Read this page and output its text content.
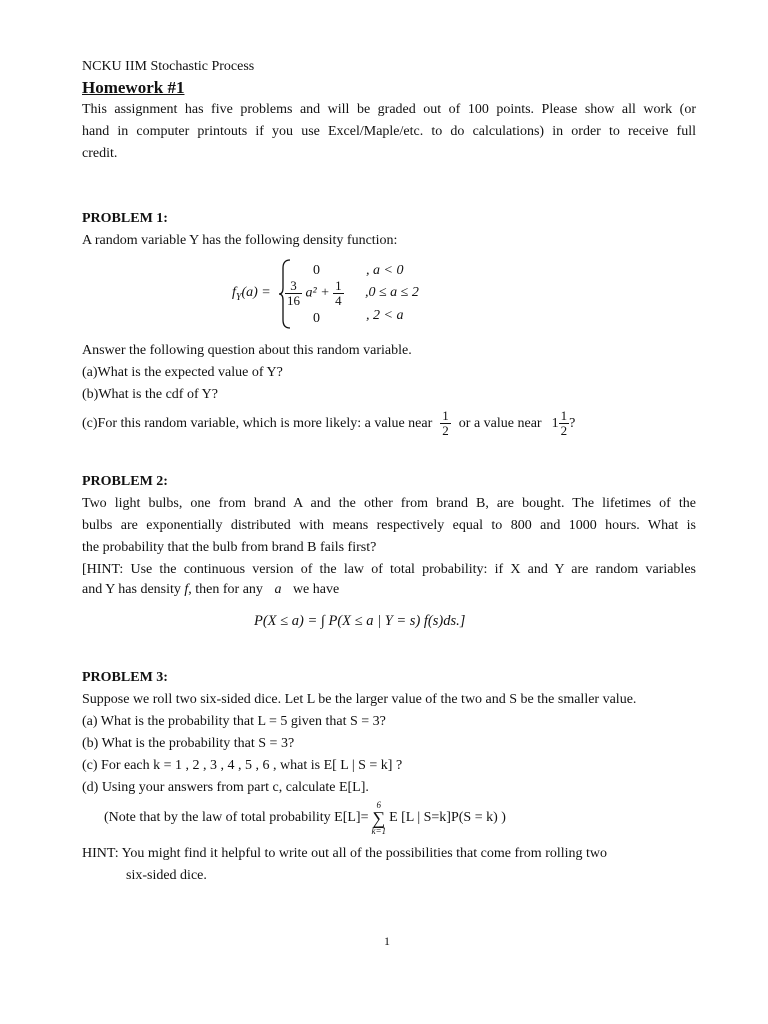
NCKU IIM Stochastic Process
Homework #1
This assignment has five problems and will be graded out of 100 points. Please show all work (or
hand in computer printouts if you use Excel/Maple/etc. to do calculations) in order to receive full
credit.
PROBLEM 1:
A random variable Y has the following density function:
$f_Y(a)$ =
0	, a < 0
$\frac{3}{16} a^2 + \frac{1}{4} ,0 \le a \le 2$
0	, 2 < a
Answer the following question about this random variable.
(a)What is the expected value of Y?
(b)What is the cdf of Y?
(c)For this random variable, which is more likely: a value near $\frac{1}{2}$ or a value near $1 \frac{1}{2}$ ?
PROBLEM 2:
Two light bulbs, one from brand A and the other from brand B, are bought. The lifetimes of the
bulbs are exponentially distributed with means respectively equal to 800 and 1000 hours. What is
the probability that the bulb from brand B fails first?
[HINT: Use the continuous version of the law of total probability: if X and Y are random variables
and Y has density f, then for any a we have
P(X ≤ a) = ∫ P(X ≤ a | Y = s) f(s)ds.]
PROBLEM 3:
Suppose we roll two six-sided dice. Let L be the larger value of the two and S be the smaller value.
(a) What is the probability that L = 5 given that S = 3?
(b) What is the probability that S = 3?
(c) For each k = 1 , 2 , 3 , 4 , 5 , 6 , what is E[ L | S = k] ?
(d) Using your answers from part c, calculate E[L].
(Note that by the law of total probability E[L]=
6
∑
k=1
E [L | S=k]P(S = k) )
HINT: You might find it helpful to write out all of the possibilities that come from rolling two
six-sided dice.
1
